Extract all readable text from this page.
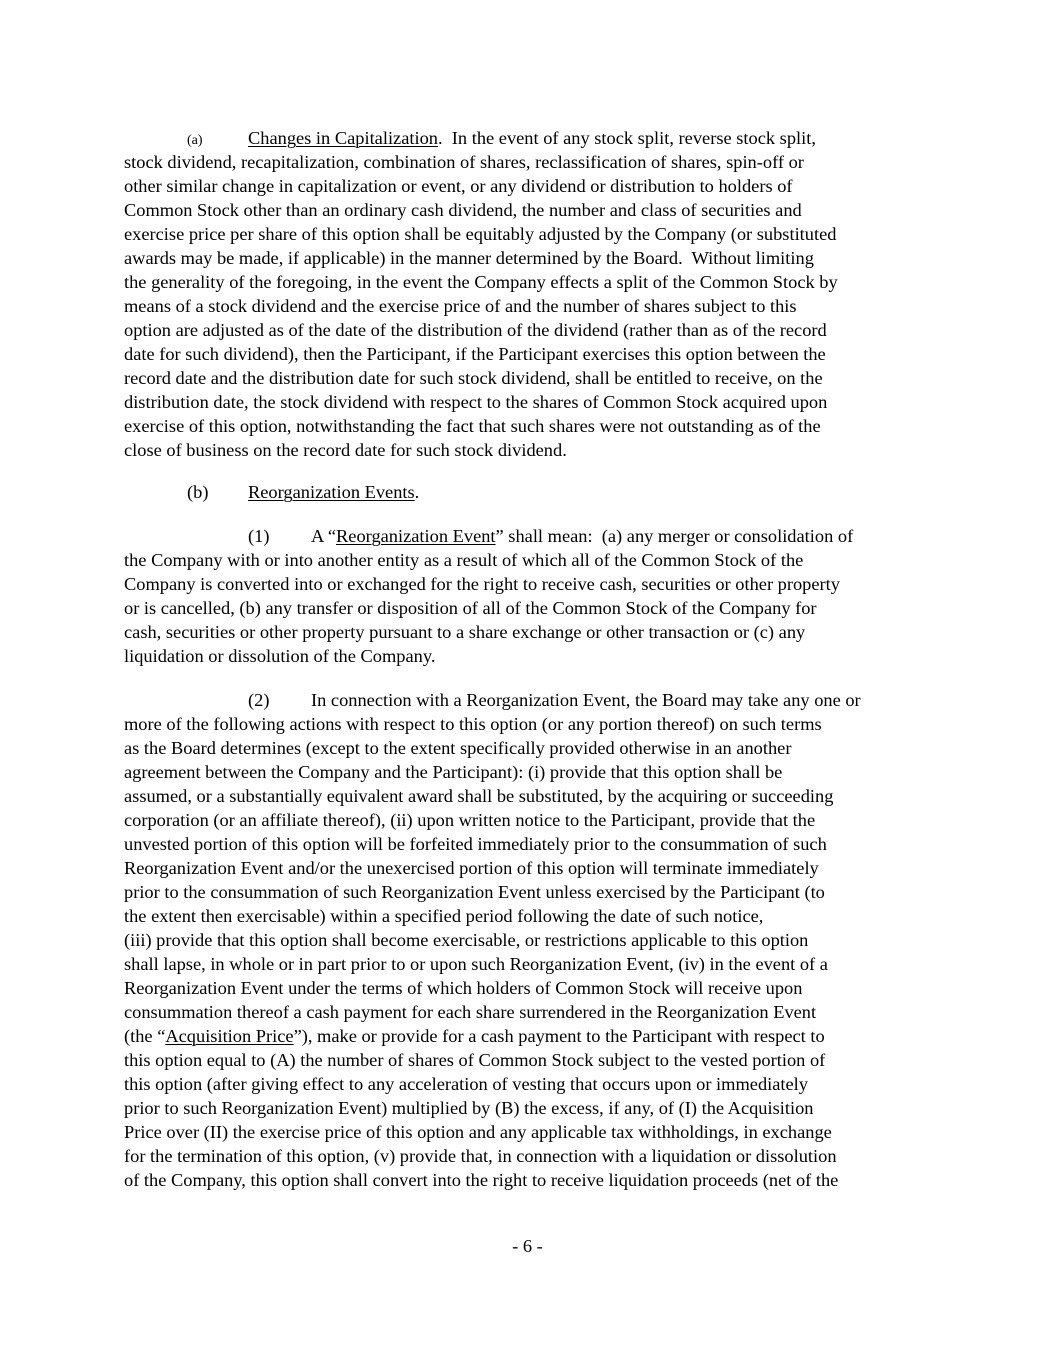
(a) Changes in Capitalization.  In the event of any stock split, reverse stock split,
stock dividend, recapitalization, combination of shares, reclassification of shares, spin-off or
other similar change in capitalization or event, or any dividend or distribution to holders of
Common Stock other than an ordinary cash dividend, the number and class of securities and
exercise price per share of this option shall be equitably adjusted by the Company (or substituted
awards may be made, if applicable) in the manner determined by the Board.  Without limiting
the generality of the foregoing, in the event the Company effects a split of the Common Stock by
means of a stock dividend and the exercise price of and the number of shares subject to this
option are adjusted as of the date of the distribution of the dividend (rather than as of the record
date for such dividend), then the Participant, if the Participant exercises this option between the
record date and the distribution date for such stock dividend, shall be entitled to receive, on the
distribution date, the stock dividend with respect to the shares of Common Stock acquired upon
exercise of this option, notwithstanding the fact that such shares were not outstanding as of the
close of business on the record date for such stock dividend.
(b) Reorganization Events.
(1) A “Reorganization Event” shall mean:  (a) any merger or consolidation of
the Company with or into another entity as a result of which all of the Common Stock of the
Company is converted into or exchanged for the right to receive cash, securities or other property
or is cancelled, (b) any transfer or disposition of all of the Common Stock of the Company for
cash, securities or other property pursuant to a share exchange or other transaction or (c) any
liquidation or dissolution of the Company.
(2) In connection with a Reorganization Event, the Board may take any one or
more of the following actions with respect to this option (or any portion thereof) on such terms
as the Board determines (except to the extent specifically provided otherwise in an another
agreement between the Company and the Participant): (i) provide that this option shall be
assumed, or a substantially equivalent award shall be substituted, by the acquiring or succeeding
corporation (or an affiliate thereof), (ii) upon written notice to the Participant, provide that the
unvested portion of this option will be forfeited immediately prior to the consummation of such
Reorganization Event and/or the unexercised portion of this option will terminate immediately
prior to the consummation of such Reorganization Event unless exercised by the Participant (to
the extent then exercisable) within a specified period following the date of such notice,
(iii) provide that this option shall become exercisable, or restrictions applicable to this option
shall lapse, in whole or in part prior to or upon such Reorganization Event, (iv) in the event of a
Reorganization Event under the terms of which holders of Common Stock will receive upon
consummation thereof a cash payment for each share surrendered in the Reorganization Event
(the “Acquisition Price”), make or provide for a cash payment to the Participant with respect to
this option equal to (A) the number of shares of Common Stock subject to the vested portion of
this option (after giving effect to any acceleration of vesting that occurs upon or immediately
prior to such Reorganization Event) multiplied by (B) the excess, if any, of (I) the Acquisition
Price over (II) the exercise price of this option and any applicable tax withholdings, in exchange
for the termination of this option, (v) provide that, in connection with a liquidation or dissolution
of the Company, this option shall convert into the right to receive liquidation proceeds (net of the
- 6 -
